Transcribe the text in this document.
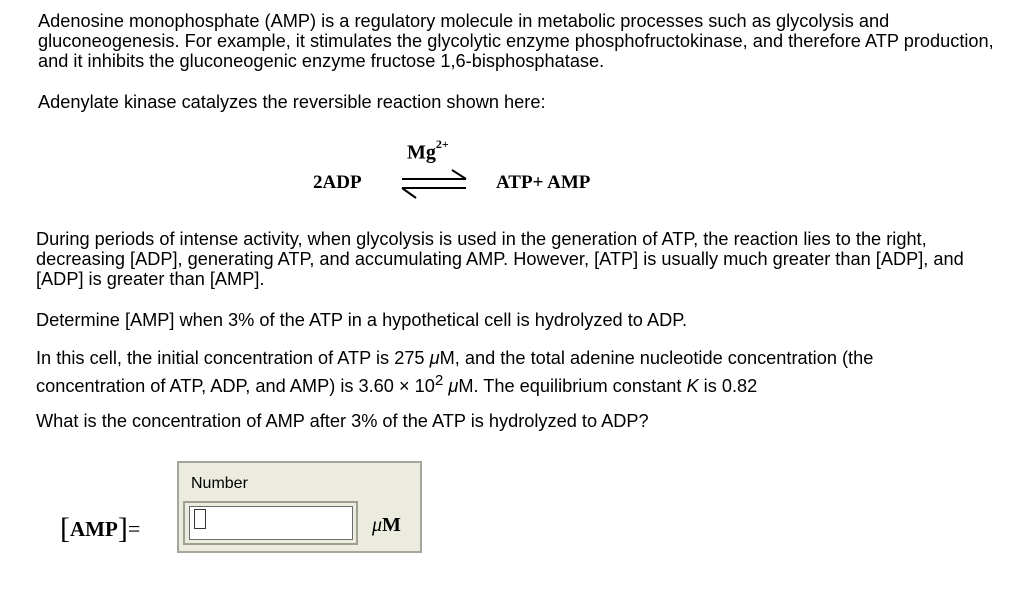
Adenosine monophosphate (AMP) is a regulatory molecule in metabolic processes such as glycolysis and gluconeogenesis. For example, it stimulates the glycolytic enzyme phosphofructokinase, and therefore ATP production, and it inhibits the gluconeogenic enzyme fructose 1,6-bisphosphatase.

Adenylate kinase catalyzes the reversible reaction shown here:

$Mg^{2+}$
2ADP	ATP+ AMP

During periods of intense activity, when glycolysis is used in the generation of ATP, the reaction lies to the right, decreasing [ADP], generating ATP, and accumulating AMP. However, [ATP] is usually much greater than [ADP], and [ADP] is greater than [AMP].

Determine [AMP] when 3% of the ATP in a hypothetical cell is hydrolyzed to ADP.

In this cell, the initial concentration of ATP is 275 μM, and the total adenine nucleotide concentration (the
concentration of ATP, ADP, and AMP) is $3.60 \times 10^2$ μM. The equilibrium constant K is 0.82

What is the concentration of AMP after 3% of the ATP is hydrolyzed to ADP?

[AMP]=
Number
μM
